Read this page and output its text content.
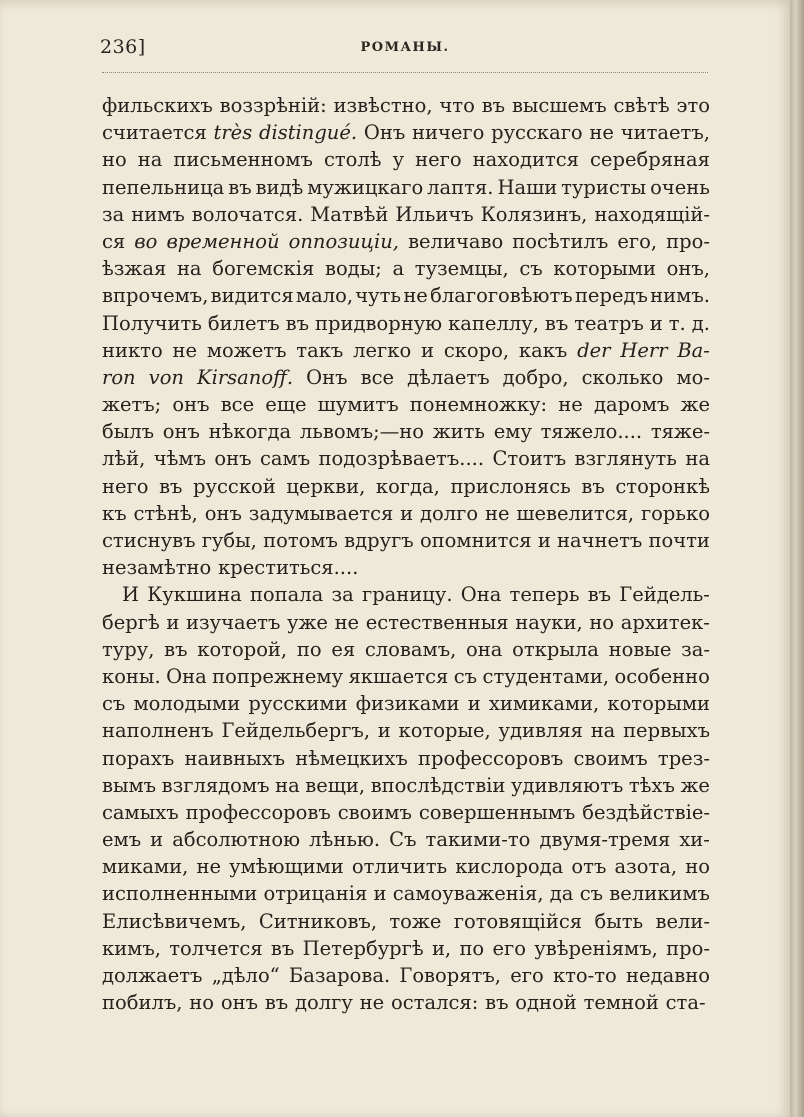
236]	РОМАНЫ.
фильскихъ воззрѣній: извѣстно, что въ высшемъ свѣтѣ это
считается très distingué. Онъ ничего русскаго не читаетъ,
но на письменномъ столѣ у него находится серебряная
пепельница въ видѣ мужицкаго лаптя. Наши туристы очень
за нимъ волочатся. Матвѣй Ильичъ Колязинъ, находящій-
ся во временной оппозиціи, величаво посѣтилъ его, про-
ѣзжая на богемскія воды; а туземцы, съ которыми онъ,
впрочемъ, видится мало, чуть не благоговѣютъ передъ нимъ.
Получить билетъ въ придворную капеллу, въ театръ и т. д.
никто не можетъ такъ легко и скоро, какъ der Herr Ba-
ron von Kirsanoff. Онъ все дѣлаетъ добро, сколько мо-
жетъ; онъ все еще шумитъ понемножку: не даромъ же
былъ онъ нѣкогда львомъ;—но жить ему тяжело.... тяже-
лѣй, чѣмъ онъ самъ подозрѣваетъ.... Стоитъ взглянуть на
него въ русской церкви, когда, прислонясь въ сторонкѣ
къ стѣнѣ, онъ задумывается и долго не шевелится, горько
стиснувъ губы, потомъ вдругъ опомнится и начнетъ почти
незамѣтно креститься....
И Кукшина попала за границу. Она теперь въ Гейдель-
бергѣ и изучаетъ уже не естественныя науки, но архитек-
туру, въ которой, по ея словамъ, она открыла новые за-
коны. Она попрежнему якшается съ студентами, особенно
съ молодыми русскими физиками и химиками, которыми
наполненъ Гейдельбергъ, и которые, удивляя на первыхъ
порахъ наивныхъ нѣмецкихъ профессоровъ своимъ трез-
вымъ взглядомъ на вещи, впослѣдствіи удивляютъ тѣхъ же
самыхъ профессоровъ своимъ совершеннымъ бездѣйствіе-
емъ и абсолютною лѣнью. Съ такими-то двумя-тремя хи-
миками, не умѣющими отличить кислорода отъ азота, но
исполненными отрицанія и самоуваженія, да съ великимъ
Елисѣвичемъ, Ситниковъ, тоже готовящійся быть вели-
кимъ, толчется въ Петербургѣ и, по его увѣреніямъ, про-
должаетъ „дѣло“ Базарова. Говорятъ, его кто-то недавно
побилъ, но онъ въ долгу не остался: въ одной темной ста-
